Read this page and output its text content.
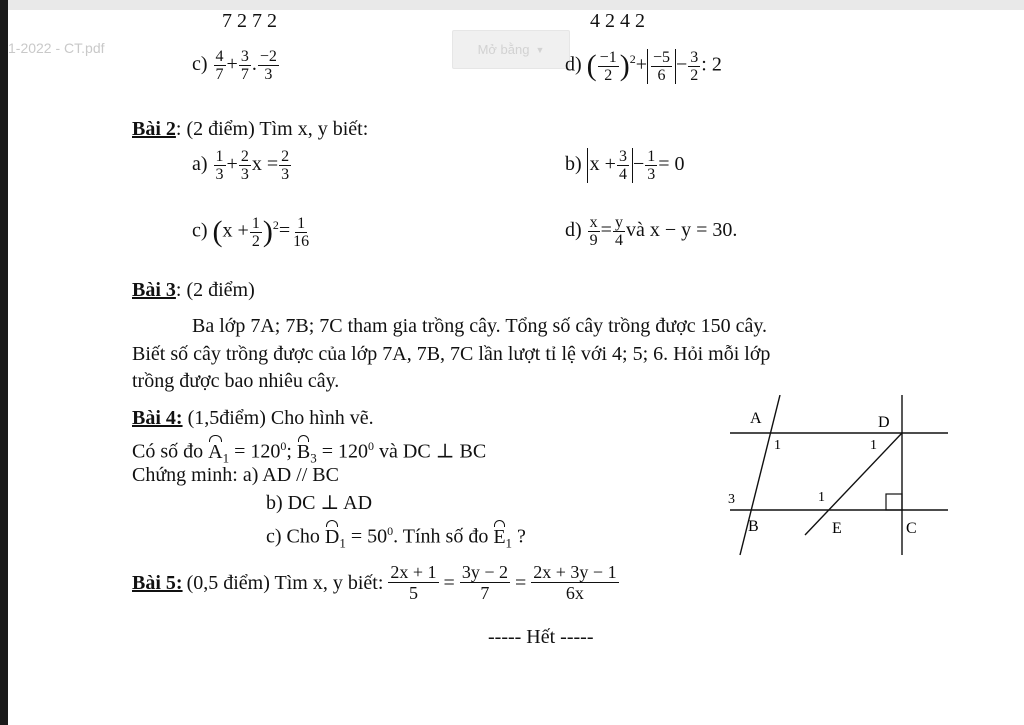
1-2022 - CT.pdf	Mở bằng ▼
7 2 7 2	4 2 4 2
$c) \frac{4}{7} + \frac{3}{7}$ . $\frac{-2}{3}$	d) ( $\frac{-1}{2} )^2+ \frac{-5}{6} - \frac{3}{2}$ : 2
Bài 2: (2 điểm) Tìm x, y biết:
$a) \frac{1}{3} + \frac{2}{3}$ $x = \frac{2}{3}$	b) $x + \frac{3}{4} - \frac{1}{3} = 0$
c) $(x + \frac{1}{2} )^2= \frac{1}{16}$	$d) \frac{x}{9} = \frac{y}{4}$ và x − y = 30.
Bài 3: (2 điểm)
Ba lớp 7A; 7B; 7C tham gia trồng cây. Tổng số cây trồng được 150 cây.
Biết số cây trồng được của lớp 7A, 7B, 7C lần lượt tỉ lệ với 4; 5; 6. Hỏi mỗi lớp
trồng được bao nhiêu cây.
Bài 4: (1,5điểm) Cho hình vẽ.
Có số đo $A_1 = 120^0$; $B_3 = 120^0$ và DC ⊥ BC
Chứng minh: a) AD // BC
b) DC ⊥ AD
c) Cho $D_1 = 50^0$. Tính số đo $E_1$ ?
A	D
B	E	C
1	1
3	1
Bài 5: (0,5 điểm) Tìm x, y biết: $\frac{2x + 1}{5} = \frac{3y - 2}{7} = \frac{2x + 3y - 1}{6x}$
----- Hết -----
